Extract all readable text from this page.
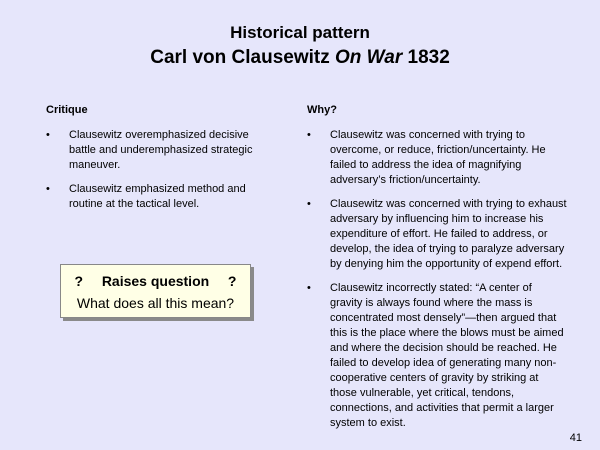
Historical pattern
Carl von Clausewitz On War 1832
Critique
• Clausewitz overemphasized decisive battle and underemphasized strategic maneuver.
• Clausewitz emphasized method and routine at the tactical level.
Why?
• Clausewitz was concerned with trying to overcome, or reduce, friction/uncertainty. He failed to address the idea of magnifying adversary’s friction/uncertainty.
• Clausewitz was concerned with trying to exhaust adversary by influencing him to increase his expenditure of effort. He failed to address, or develop, the idea of trying to paralyze adversary by denying him the opportunity of expend effort.
• Clausewitz incorrectly stated: “A center of gravity is always found where the mass is concentrated most densely”—then argued that this is the place where the blows must be aimed and where the decision should be reached. He failed to develop idea of generating many non-cooperative centers of gravity by striking at those vulnerable, yet critical, tendons, connections, and activities that permit a larger system to exist.
? Raises question ?
What does all this mean?
41
